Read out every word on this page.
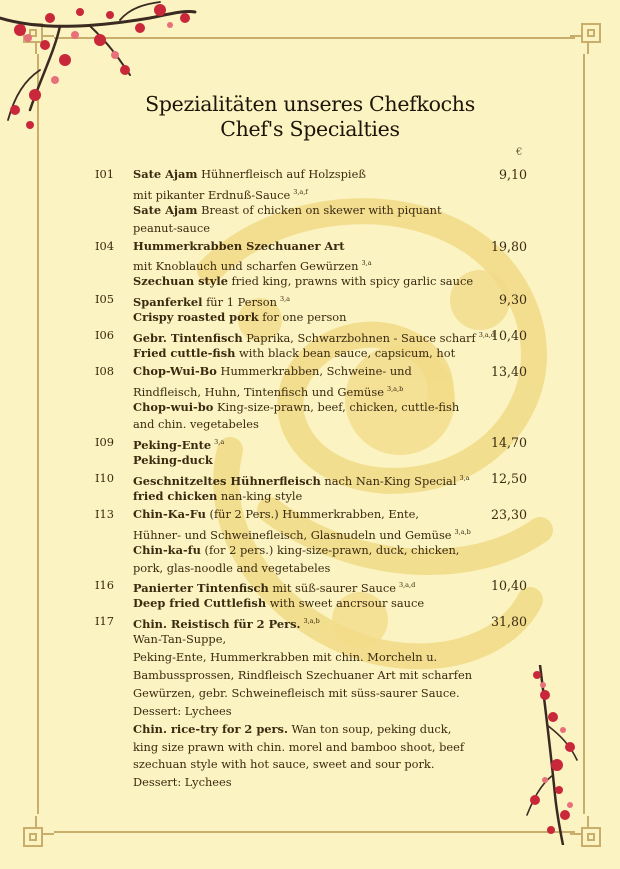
Spezialitäten unseres Chefkochs
Chef's Specialties
€
I01	9,10
Sate Ajam Hühnerfleisch auf Holzspieß
mit pikanter Erdnuß-Sauce $^{3,a,f}$
Sate Ajam Breast of chicken on skewer with piquant
peanut-sauce
I04	19,80
Hummerkrabben Szechuaner Art
mit Knoblauch und scharfen Gewürzen $^{3,a}$
Szechuan style fried king, prawns with spicy garlic sauce
I05	9,30
Spanferkel für 1 Person $^{3,a}$
Crispy roasted pork for one person
I06	10,40
Gebr. Tintenfisch Paprika, Schwarzbohnen - Sauce scharf $^{3,a,d}$
Fried cuttle-fish with black bean sauce, capsicum, hot
I08	13,40
Chop-Wui-Bo Hummerkrabben, Schweine- und
Rindfleisch, Huhn, Tintenfisch und Gemüse $^{3,a,b}$
Chop-wui-bo King-size-prawn, beef, chicken, cuttle-fish
and chin. vegetabeles
I09	14,70
Peking-Ente $^{3,a}$
Peking-duck
I10	12,50
Geschnitzeltes Hühnerfleisch nach Nan-King Special $^{3,a}$
fried chicken nan-king style
I13	23,30
Chin-Ka-Fu (für 2 Pers.) Hummerkrabben, Ente,
Hühner- und Schweinefleisch, Glasnudeln und Gemüse $^{3,a,b}$
Chin-ka-fu (for 2 pers.) king-size-prawn, duck, chicken,
pork, glas-noodle and vegetabeles
I16	10,40
Panierter Tintenfisch mit süß-saurer Sauce $^{3,a,d}$
Deep fried Cuttlefish with sweet ancrsour sauce
I17	31,80
Chin. Reistisch für 2 Pers. $^{3,a,b}$
Wan-Tan-Suppe,
Peking-Ente, Hummerkrabben mit chin. Morcheln u.
Bambussprossen, Rindfleisch Szechuaner Art mit scharfen
Gewürzen, gebr. Schweinefleisch mit süss-saurer Sauce.
Dessert: Lychees
Chin. rice-try for 2 pers. Wan ton soup, peking duck,
king size prawn with chin. morel and bamboo shoot, beef
szechuan style with hot sauce, sweet and sour pork.
Dessert: Lychees
